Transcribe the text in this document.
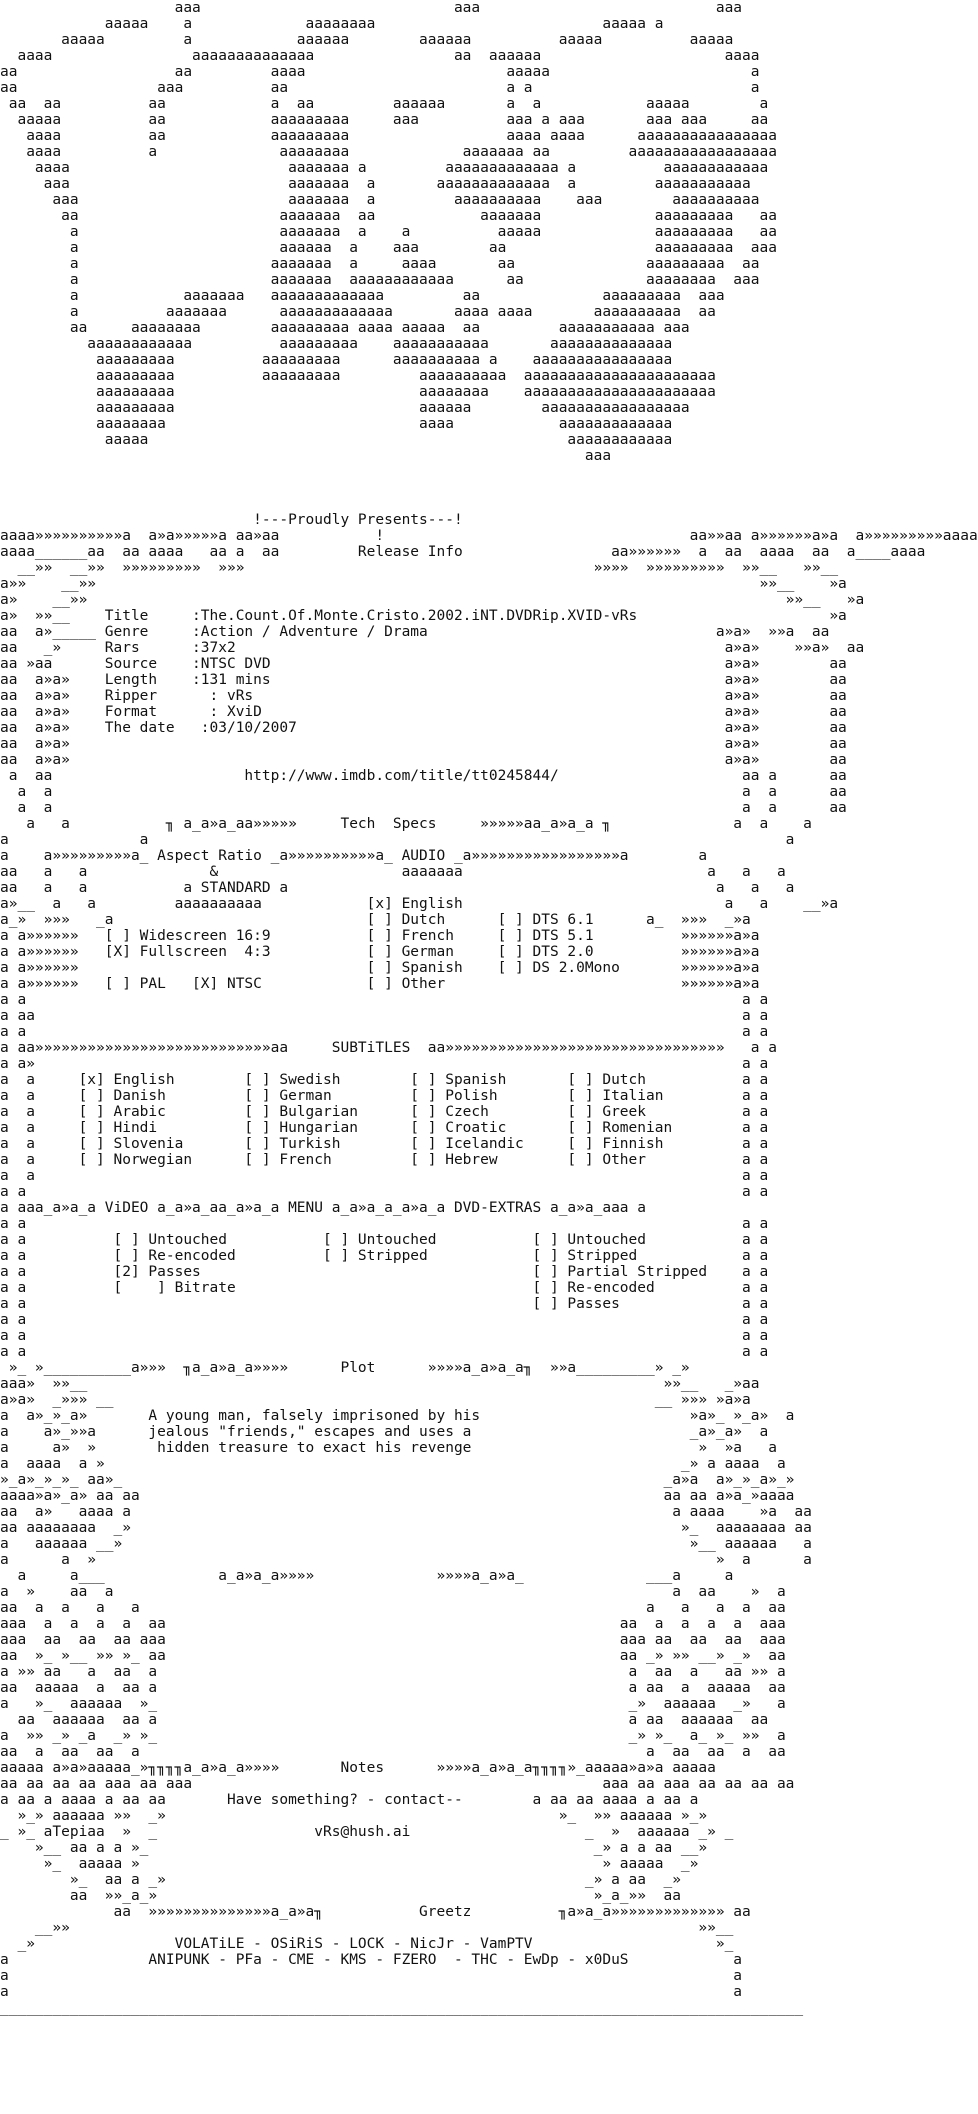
aaa                             aaa                           aaa
aaaaa    a             aaaaaaaa                          aaaaa a
aaaaa         a            aaaaaa        aaaaaa          aaaaa          aaaaa
aaaa                aaaaaaaaaaaaaa                aa  aaaaaa                     aaaa
aa                  aa         aaaa                       aaaaa                       a
aa                aaa          aa                         a a                         a
aa  aa          aa            a  aa         aaaaaa       a  a            aaaaa        a
aaaaa          aa            aaaaaaaaa     aaa          aaa a aaa       aaa aaa     aa
aaaa          aa            aaaaaaaaa                  aaaa aaaa      aaaaaaaaaaaaaaaa
aaaa          a              aaaaaaaa             aaaaaaa aa         aaaaaaaaaaaaaaaaa
aaaa                         aaaaaaa a         aaaaaaaaaaaaa a          aaaaaaaaaaaa
aaa                         aaaaaaa  a       aaaaaaaaaaaaa  a         aaaaaaaaaaa
aaa                        aaaaaaa  a         aaaaaaaaaa    aaa        aaaaaaaaaa
aa                       aaaaaaa  aa            aaaaaaa             aaaaaaaaa   aa
a                       aaaaaaa  a    a          aaaaa             aaaaaaaaa   aa
a                       aaaaaa  a    aaa        aa                 aaaaaaaaa  aaa
a                      aaaaaaa  a     aaaa       aa               aaaaaaaaa  aa
a                      aaaaaaa  aaaaaaaaaaaa      aa              aaaaaaaa  aaa
a            aaaaaaa   aaaaaaaaaaaaa         aa              aaaaaaaaa  aaa
a          aaaaaaa      aaaaaaaaaaaaa       aaaa aaaa       aaaaaaaaaa  aa
aa     aaaaaaaa        aaaaaaaaa aaaa aaaaa  aa         aaaaaaaaaaa aaa
aaaaaaaaaaaa          aaaaaaaaa    aaaaaaaaaaa       aaaaaaaaaaaaaa
aaaaaaaaa          aaaaaaaaa      aaaaaaaaaa a    aaaaaaaaaaaaaaaa
aaaaaaaaa          aaaaaaaaa         aaaaaaaaaa  aaaaaaaaaaaaaaaaaaaaaa
aaaaaaaaa                            aaaaaaaa    aaaaaaaaaaaaaaaaaaaaaa
aaaaaaaaa                            aaaaaa        aaaaaaaaaaaaaaaaa
aaaaaaaa                             aaaa            aaaaaaaaaaaaa
aaaaa                                                aaaaaaaaaaaa
aaa

!---Proudly Presents---!
aaaa»»»»»»»»»»a  a»a»»»»»a aa»aa           !                                   aa»»aa a»»»»»»a»a  a»»»»»»»»»aaaa
aaaa______aa  aa aaaa   aa a  aa         Release Info                 aa»»»»»»  a  aa  aaaa  aa  a____aaaa
__»»  __»»  »»»»»»»»»  »»»                                        »»»»  »»»»»»»»»  »»__   »»__
a»»    __»»                                                                            »»__    »a
a»    __»»                                                                                »»__   »a
a»  »»__    Title     :The.Count.Of.Monte.Cristo.2002.iNT.DVDRip.XVID-vRs                      »a
aa  a»_____ Genre     :Action / Adventure / Drama                                 a»a»  »»a  aa
aa   _»     Rars      :37x2                                                        a»a»    »»a»  aa
aa »aa      Source    :NTSC DVD                                                    a»a»        aa
aa  a»a»    Length    :131 mins                                                    a»a»        aa
aa  a»a»    Ripper      : vRs                                                      a»a»        aa
aa  a»a»    Format      : XviD                                                     a»a»        aa
aa  a»a»    The date   :03/10/2007                                                 a»a»        aa
aa  a»a»                                                                           a»a»        aa
aa  a»a»                                                                           a»a»        aa
a  aa                      http://www.imdb.com/title/tt0245844/                     aa a      aa
a  a                                                                               a  a      aa
a  a                                                                               a  a      aa
a   a           ╖ a_a»a_aa»»»»»     Tech  Specs     »»»»»aa_a»a_a ╖              a  a    a
a               a                                                                         a
a    a»»»»»»»»»a_ Aspect Ratio _a»»»»»»»»»»a_ AUDIO _a»»»»»»»»»»»»»»»»»a        a
aa   a   a              &                     aaaaaaa                            a   a   a
aa   a   a           a STANDARD a                                                 a   a   a
a»__  a   a         aaaaaaaaaa            [x] English                              a   a    __»a
a_»  »»»   _a                             [ ] Dutch      [ ] DTS 6.1      a_  »»»  _»a
a a»»»»»»   [ ] Widescreen 16:9           [ ] French     [ ] DTS 5.1          »»»»»»a»a
a a»»»»»»   [X] Fullscreen  4:3           [ ] German     [ ] DTS 2.0          »»»»»»a»a
a a»»»»»»                                 [ ] Spanish    [ ] DS 2.0Mono       »»»»»»a»a
a a»»»»»»   [ ] PAL   [X] NTSC            [ ] Other                           »»»»»»a»a
a a                                                                                  a a
a aa                                                                                 a a
a a                                                                                  a a
a aa»»»»»»»»»»»»»»»»»»»»»»»»»»»aa     SUBTiTLES  aa»»»»»»»»»»»»»»»»»»»»»»»»»»»»»»»»   a a
a a»                                                                                 a a
a  a     [x] English        [ ] Swedish        [ ] Spanish       [ ] Dutch           a a
a  a     [ ] Danish         [ ] German         [ ] Polish        [ ] Italian         a a
a  a     [ ] Arabic         [ ] Bulgarian      [ ] Czech         [ ] Greek           a a
a  a     [ ] Hindi          [ ] Hungarian      [ ] Croatic       [ ] Romenian        a a
a  a     [ ] Slovenia       [ ] Turkish        [ ] Icelandic     [ ] Finnish         a a
a  a     [ ] Norwegian      [ ] French         [ ] Hebrew        [ ] Other           a a
a  a                                                                                 a a
a a                                                                                  a a
a aaa_a»a_a ViDEO a_a»a_aa_a»a_a MENU a_a»a_a_a»a_a DVD-EXTRAS a_a»a_aaa a
a a                                                                                  a a
a a          [ ] Untouched           [ ] Untouched           [ ] Untouched           a a
a a          [ ] Re-encoded          [ ] Stripped            [ ] Stripped            a a
a a          [2] Passes                                      [ ] Partial Stripped    a a
a a          [    ] Bitrate                                  [ ] Re-encoded          a a
a a                                                          [ ] Passes              a a
a a                                                                                  a a
a a                                                                                  a a
a a                                                                                  a a
»_ »__________a»»»  ╖a_a»a_a»»»»      Plot      »»»»a_a»a_a╖  »»a_________» _»
aaa»  »»__                                                                  »»__   _»aa
a»a»  _»»» __                                                              __ »»» »a»a
a  a»_»_a»       A young man, falsely imprisoned by his                        »a»_ »_a»  a
a    a»_»»a      jealous "friends," escapes and uses a                         _a»_a»  a
a     a»  »       hidden treasure to exact his revenge                          »  »a   a
a  aaaa  a »                                                                  _» a aaaa  a
»_a»_»_»_ aa»_                                                              _a»a  a»_»_a»_»
aaaa»a»_a» aa aa                                                            aa aa a»a_»aaaa
aa  a»   aaaa a                                                              a aaaa    »a  aa
aa aaaaaaaa  _»                                                               »_  aaaaaaaa aa
a   aaaaaa __»                                                                 »__ aaaaaa   a
a      a  »                                                                       »  a      a
a     a___             a_a»a_a»»»»              »»»»a_a»a_              ___a     a
a  »    aa  a                                                                a  aa    »  a
aa  a  a   a   a                                                          a   a   a  a  aa
aaa  a  a  a  a  aa                                                    aa  a  a  a  a  aaa
aaa  aa  aa  aa aaa                                                    aaa aa  aa  aa  aaa
aa  »_ »__ »» »_ aa                                                    aa _» »» __» _»  aa
a »» aa   a  aa  a                                                      a  aa  a   aa »» a
aa  aaaaa  a  aa a                                                      a aa  a  aaaaa  aa
a   »_  aaaaaa  »_                                                      _»  aaaaaa  _»   a
aa  aaaaaa  aa a                                                      a aa  aaaaaa  aa
a  »» _» _a  _» »_                                                      _» »_  a_ »_ »»  a
aa  a  aa  aa  a                                                          a  aa  aa  a  aa
aaaaa a»a»aaaaa_»╖╖╖╖a_a»a_a»»»»       Notes      »»»»a_a»a_a╖╖╖╖»_aaaaa»a»a aaaaa
aa aa aa aa aaa aa aaa                                               aaa aa aaa aa aa aa aa
a aa a aaaa a aa aa       Have something? - contact--        a aa aa aaaa a aa a
»_» aaaaaa »»  _»                                             »_  »» aaaaaa »_»
_ »_ aTepiaa  »  _                  vRs@hush.ai                    _  »  aaaaaa _» _
»__ aa a a »_                                                   _» a a aa __»
»_  aaaaa »                                                     » aaaaa  _»
»_  aa a _»                                                _» a aa  _»
aa  »»_a_»                                                  »_a_»»  aa
aa  »»»»»»»»»»»»»»a_a»a╖           Greetz          ╖a»a_a»»»»»»»»»»»»» aa
__»»                                                                        »»__
_»                VOLATiLE - OSiRiS - LOCK - NicJr - VamPTV                     »_
a                ANIPUNK - PFa - CME - KMS - FZERO  - THC - EwDp - x0DuS            a
a                                                                                   a
a                                                                                   a
____________________________________________________________________________________________
